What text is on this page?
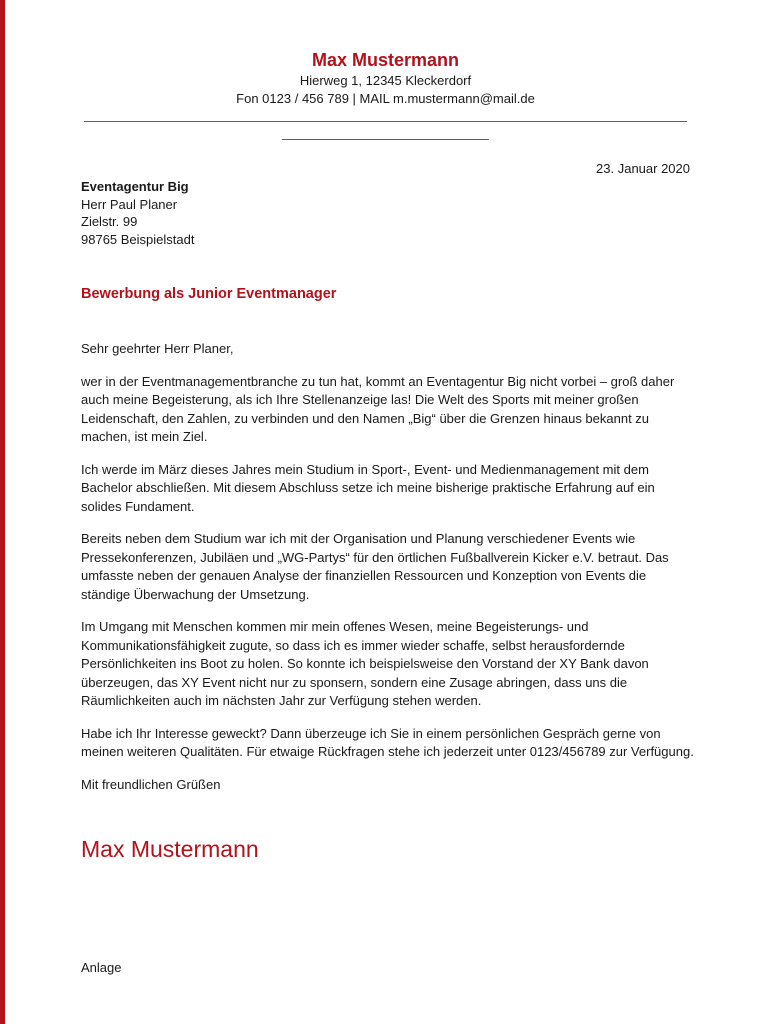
Max Mustermann
Hierweg 1, 12345 Kleckerdorf
Fon 0123 / 456 789 | MAIL m.mustermann@mail.de
23. Januar 2020
Eventagentur Big
Herr Paul Planer
Zielstr. 99
98765 Beispielstadt
Bewerbung als Junior Eventmanager

Sehr geehrter Herr Planer,

wer in der Eventmanagementbranche zu tun hat, kommt an Eventagentur Big nicht vorbei – groß daher auch meine Begeisterung, als ich Ihre Stellenanzeige las! Die Welt des Sports mit meiner großen Leidenschaft, den Zahlen, zu verbinden und den Namen „Big“ über die Grenzen hinaus bekannt zu machen, ist mein Ziel.

Ich werde im März dieses Jahres mein Studium in Sport-, Event- und Medienmanagement mit dem Bachelor abschließen. Mit diesem Abschluss setze ich meine bisherige praktische Erfahrung auf ein solides Fundament.

Bereits neben dem Studium war ich mit der Organisation und Planung verschiedener Events wie Pressekonferenzen, Jubiläen und „WG-Partys“ für den örtlichen Fußballverein Kicker e.V. betraut. Das umfasste neben der genauen Analyse der finanziellen Ressourcen und Konzeption von Events die ständige Überwachung der Umsetzung.

Im Umgang mit Menschen kommen mir mein offenes Wesen, meine Begeisterungs- und Kommunikationsfähigkeit zugute, so dass ich es immer wieder schaffe, selbst herausfordernde Persönlichkeiten ins Boot zu holen. So konnte ich beispielsweise den Vorstand der XY Bank davon überzeugen, das XY Event nicht nur zu sponsern, sondern eine Zusage abringen, dass uns die Räumlichkeiten auch im nächsten Jahr zur Verfügung stehen werden.

Habe ich Ihr Interesse geweckt? Dann überzeuge ich Sie in einem persönlichen Gespräch gerne von meinen weiteren Qualitäten. Für etwaige Rückfragen stehe ich jederzeit unter 0123/456789 zur Verfügung.

Mit freundlichen Grüßen

Max Mustermann
Anlage
